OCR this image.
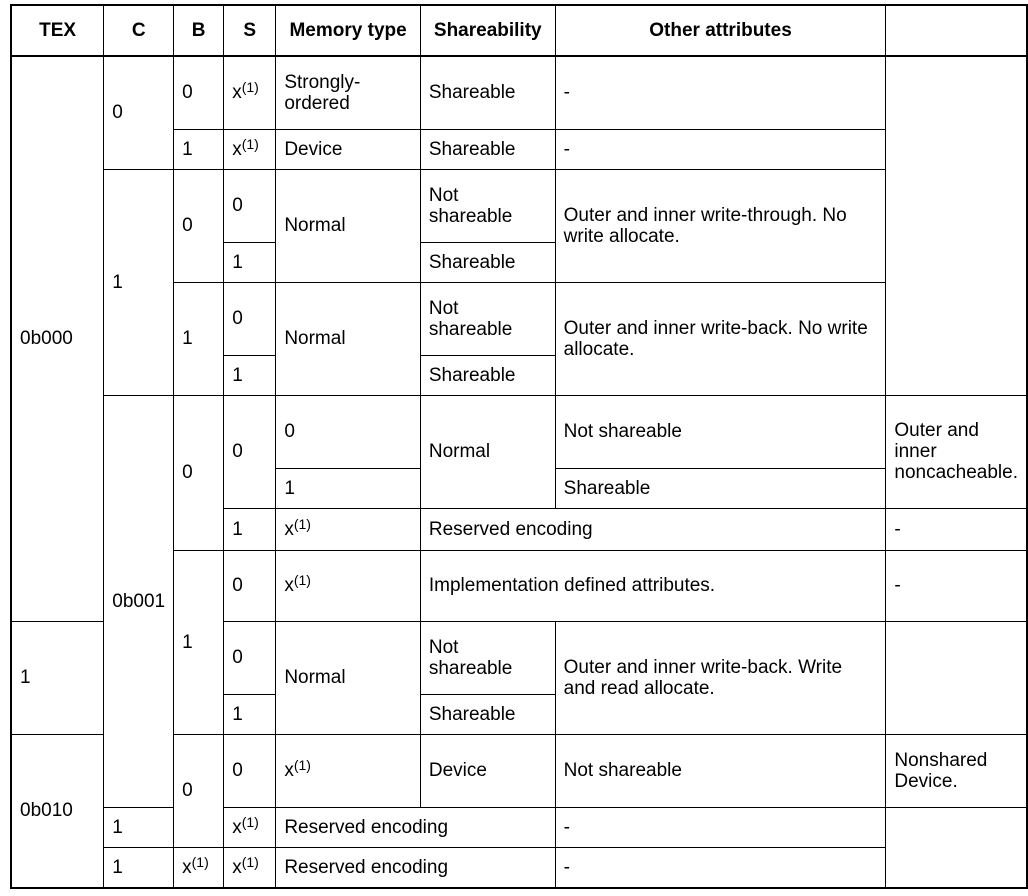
TEX	C	B	S	Memory type	Shareability	Other attributes	
0b000	0	0	$x^{(1)}$	Strongly-ordered	Shareable	-	
		1	$x^{(1)}$	Device	Shareable	-	
	1	0	0	Normal	Not shareable	Outer and inner write-through. No write allocate.	
			1		Shareable		
		1	0	Normal	Not shareable	Outer and inner write-back. No write allocate.	
			1		Shareable		
	0b001	0	0	0	Normal	Not shareable	Outer and inner noncacheable.
				1		Shareable	
			1	$x^{(1)}$	Reserved encoding		-
		1	0	$x^{(1)}$	Implementation defined attributes.		-
1			0	Normal	Not shareable	Outer and inner write-back. Write and read allocate.	
			1		Shareable		
0b010		0	0	$x^{(1)}$	Device	Not shareable	Nonshared Device.
	1		$x^{(1)}$	Reserved encoding		-	
	1	$x^{(1)}$	$x^{(1)}$	Reserved encoding		-	
